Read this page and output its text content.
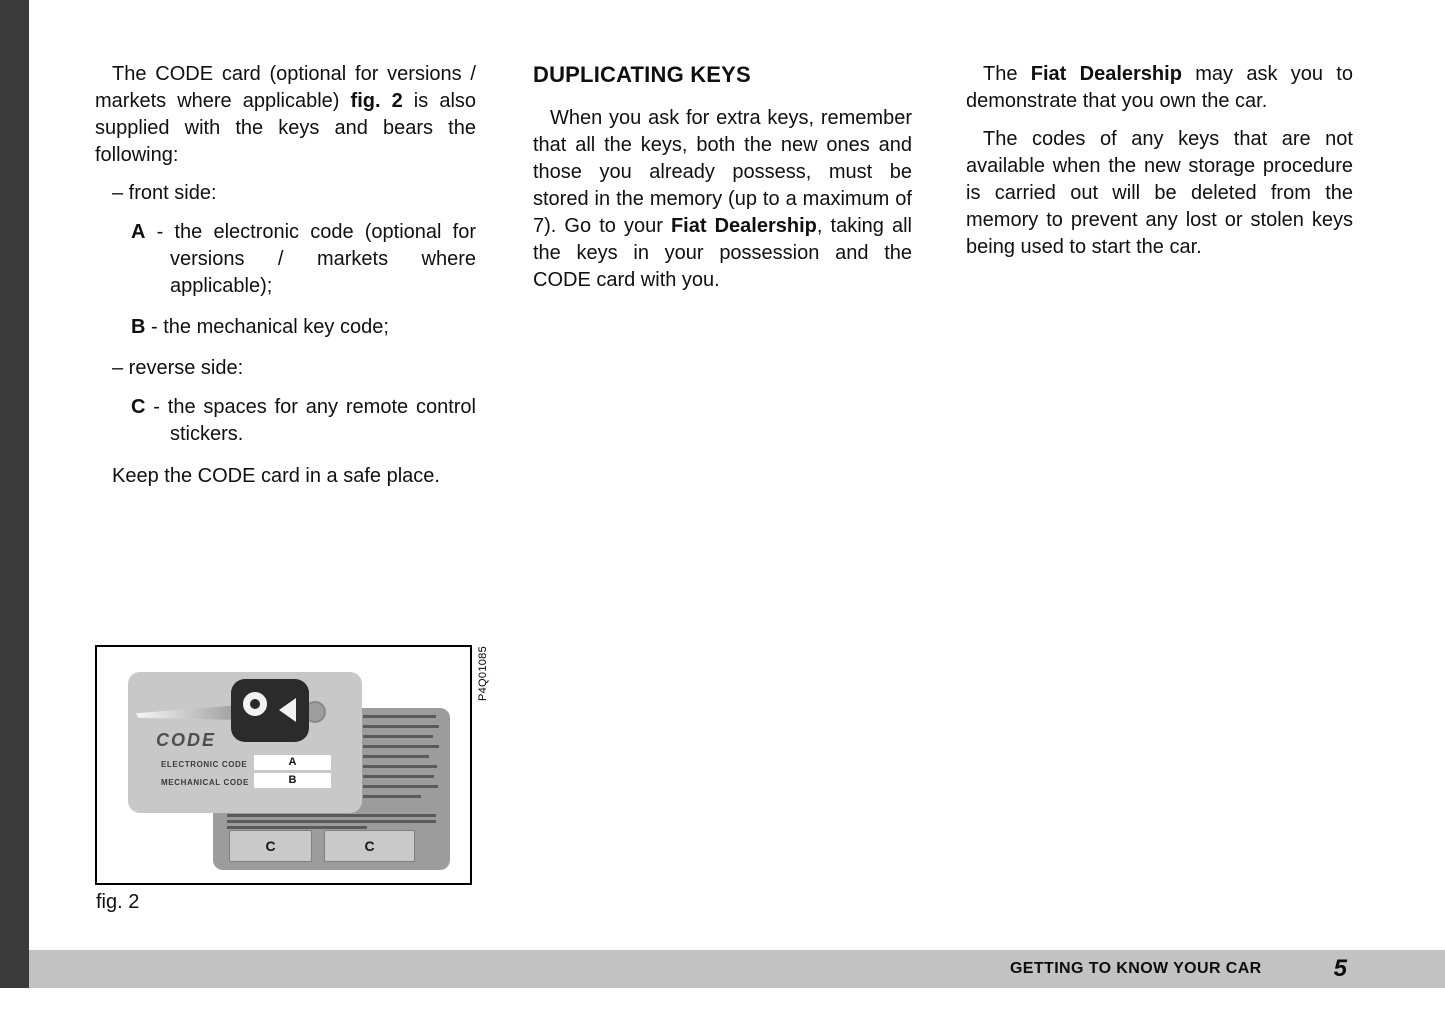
The CODE card (optional for versions / markets where applicable) fig. 2 is also supplied with the keys and bears the following:

– front side:

A - the electronic code (optional for versions / markets where applicable);

B - the mechanical key code;

– reverse side:

C - the spaces for any remote control stickers.

Keep the CODE card in a safe place.

DUPLICATING KEYS

When you ask for extra keys, remember that all the keys, both the new ones and those you already possess, must be stored in the memory (up to a maximum of 7). Go to your Fiat Dealership, taking all the keys in your possession and the CODE card with you.

The Fiat Dealership may ask you to demonstrate that you own the car.

The codes of any keys that are not available when the new storage procedure is carried out will be deleted from the memory to prevent any lost or stolen keys being used to start the car.

C	C
CODE
ELECTRONIC CODE	A
MECHANICAL CODE	B
P4Q01085
fig. 2
GETTING TO KNOW YOUR CAR	5
